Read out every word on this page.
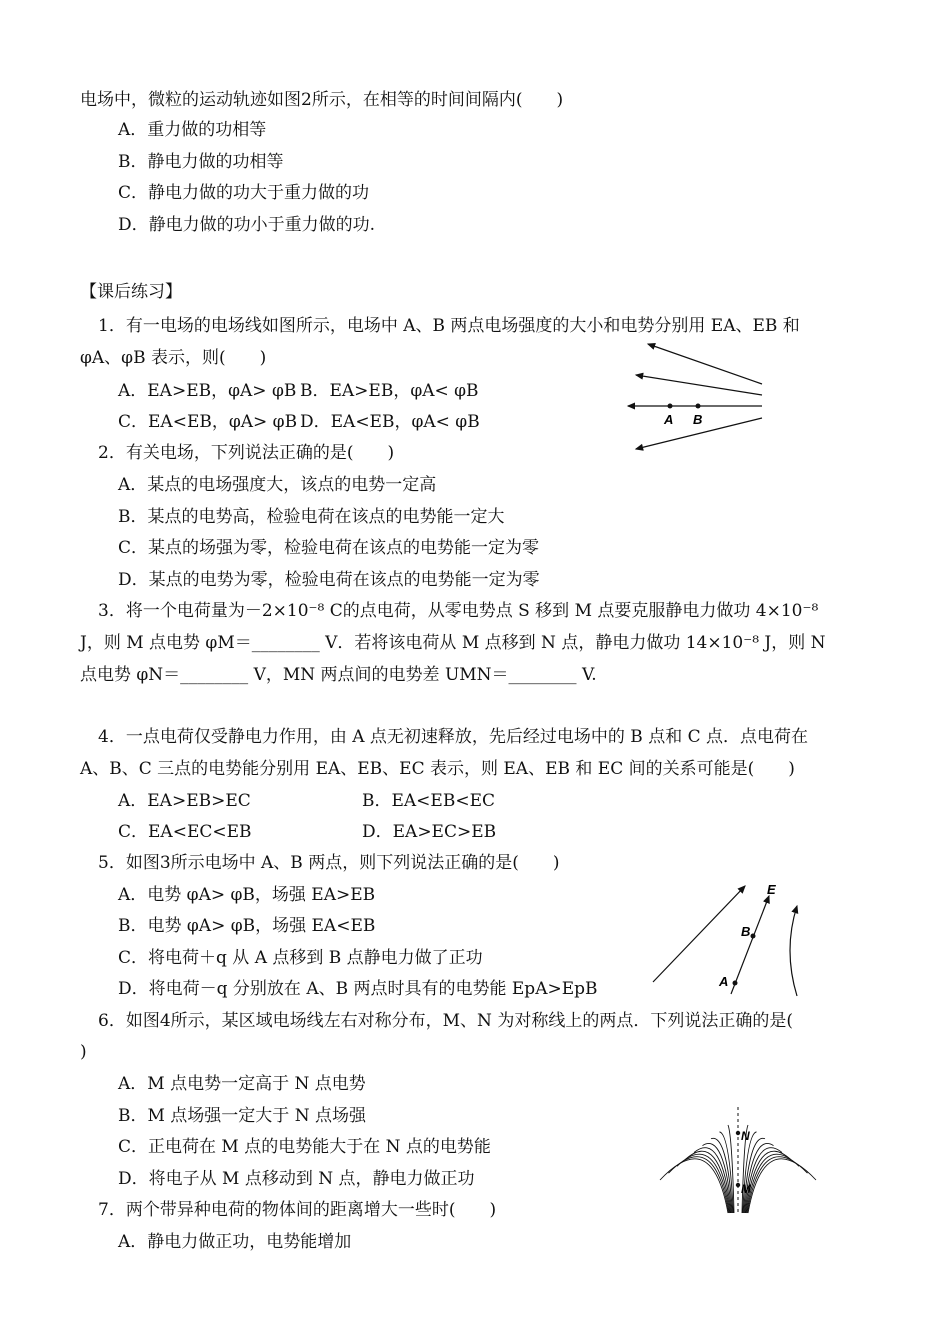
电场中，微粒的运动轨迹如图2所示，在相等的时间间隔内(　　)
A．重力做的功相等
B．静电力做的功相等
C．静电力做的功大于重力做的功
D．静电力做的功小于重力做的功.
【课后练习】
1．有一电场的电场线如图所示，电场中 A、B 两点电场强度的大小和电势分别用 EA、EB 和
φA、φB 表示，则(　　)
A．EA>EB，φA> φB B．EA>EB，φA< φB
C．EA<EB，φA> φB D．EA<EB，φA< φB	A B
2．有关电场，下列说法正确的是(　　)
A．某点的电场强度大，该点的电势一定高
B．某点的电势高，检验电荷在该点的电势能一定大
C．某点的场强为零，检验电荷在该点的电势能一定为零
D．某点的电势为零，检验电荷在该点的电势能一定为零
3．将一个电荷量为－2×10⁻⁸ C的点电荷，从零电势点 S 移到 M 点要克服静电力做功 4×10⁻⁸
J，则 M 点电势 φM＝________ V．若将该电荷从 M 点移到 N 点，静电力做功 14×10⁻⁸ J，则 N
点电势 φN＝________ V，MN 两点间的电势差 UMN＝________ V.
4．一点电荷仅受静电力作用，由 A 点无初速释放，先后经过电场中的 B 点和 C 点．点电荷在
A、B、C 三点的电势能分别用 EA、EB、EC 表示，则 EA、EB 和 EC 间的关系可能是(　　)
A．EA>EB>EC	B．EA<EB<EC
C．EA<EC<EB	D．EA>EC>EB
5．如图3所示电场中 A、B 两点，则下列说法正确的是(　　)
A．电势 φA> φB，场强 EA>EB
B．电势 φA> φB，场强 EA<EB
C．将电荷＋q 从 A 点移到 B 点静电力做了正功
D．将电荷－q 分别放在 A、B 两点时具有的电势能 EpA>EpB
E
B
A
6．如图4所示，某区域电场线左右对称分布，M、N 为对称线上的两点．下列说法正确的是(
)
A．M 点电势一定高于 N 点电势
B．M 点场强一定大于 N 点场强
C．正电荷在 M 点的电势能大于在 N 点的电势能
D．将电子从 M 点移动到 N 点，静电力做正功
N
M
7．两个带异种电荷的物体间的距离增大一些时(　　)
A．静电力做正功，电势能增加
